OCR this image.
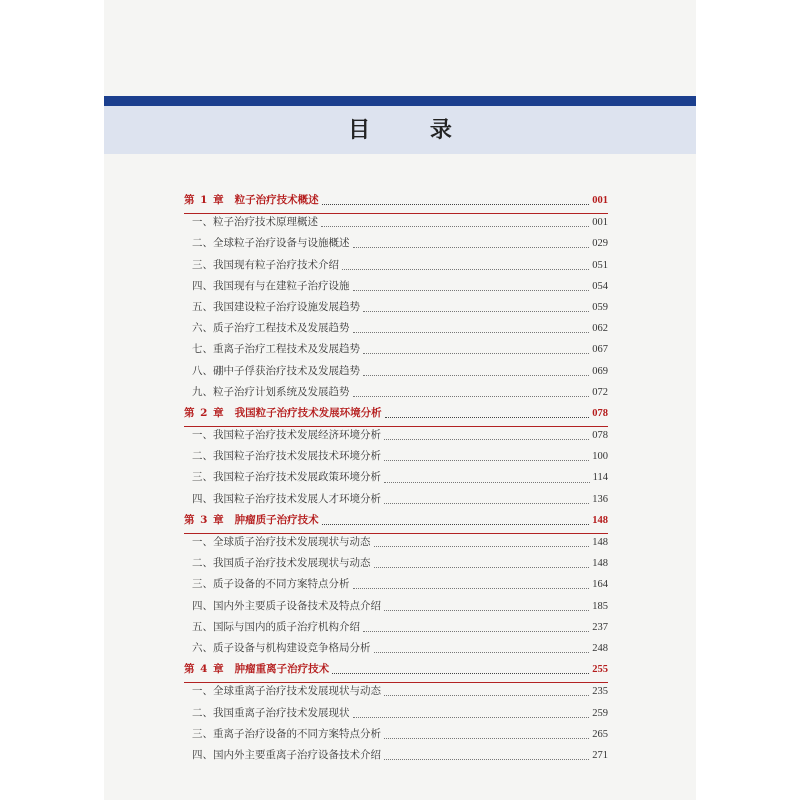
目 录
第 1 章 粒子治疗技术概述	001
一、粒子治疗技术原理概述	001
二、全球粒子治疗设备与设施概述	029
三、我国现有粒子治疗技术介绍	051
四、我国现有与在建粒子治疗设施	054
五、我国建设粒子治疗设施发展趋势	059
六、质子治疗工程技术及发展趋势	062
七、重离子治疗工程技术及发展趋势	067
八、硼中子俘获治疗技术及发展趋势	069
九、粒子治疗计划系统及发展趋势	072
第 2 章 我国粒子治疗技术发展环境分析	078
一、我国粒子治疗技术发展经济环境分析	078
二、我国粒子治疗技术发展技术环境分析	100
三、我国粒子治疗技术发展政策环境分析	114
四、我国粒子治疗技术发展人才环境分析	136
第 3 章 肿瘤质子治疗技术	148
一、全球质子治疗技术发展现状与动态	148
二、我国质子治疗技术发展现状与动态	148
三、质子设备的不同方案特点分析	164
四、国内外主要质子设备技术及特点介绍	185
五、国际与国内的质子治疗机构介绍	237
六、质子设备与机构建设竞争格局分析	248
第 4 章 肿瘤重离子治疗技术	255
一、全球重离子治疗技术发展现状与动态	235
二、我国重离子治疗技术发展现状	259
三、重离子治疗设备的不同方案特点分析	265
四、国内外主要重离子治疗设备技术介绍	271
